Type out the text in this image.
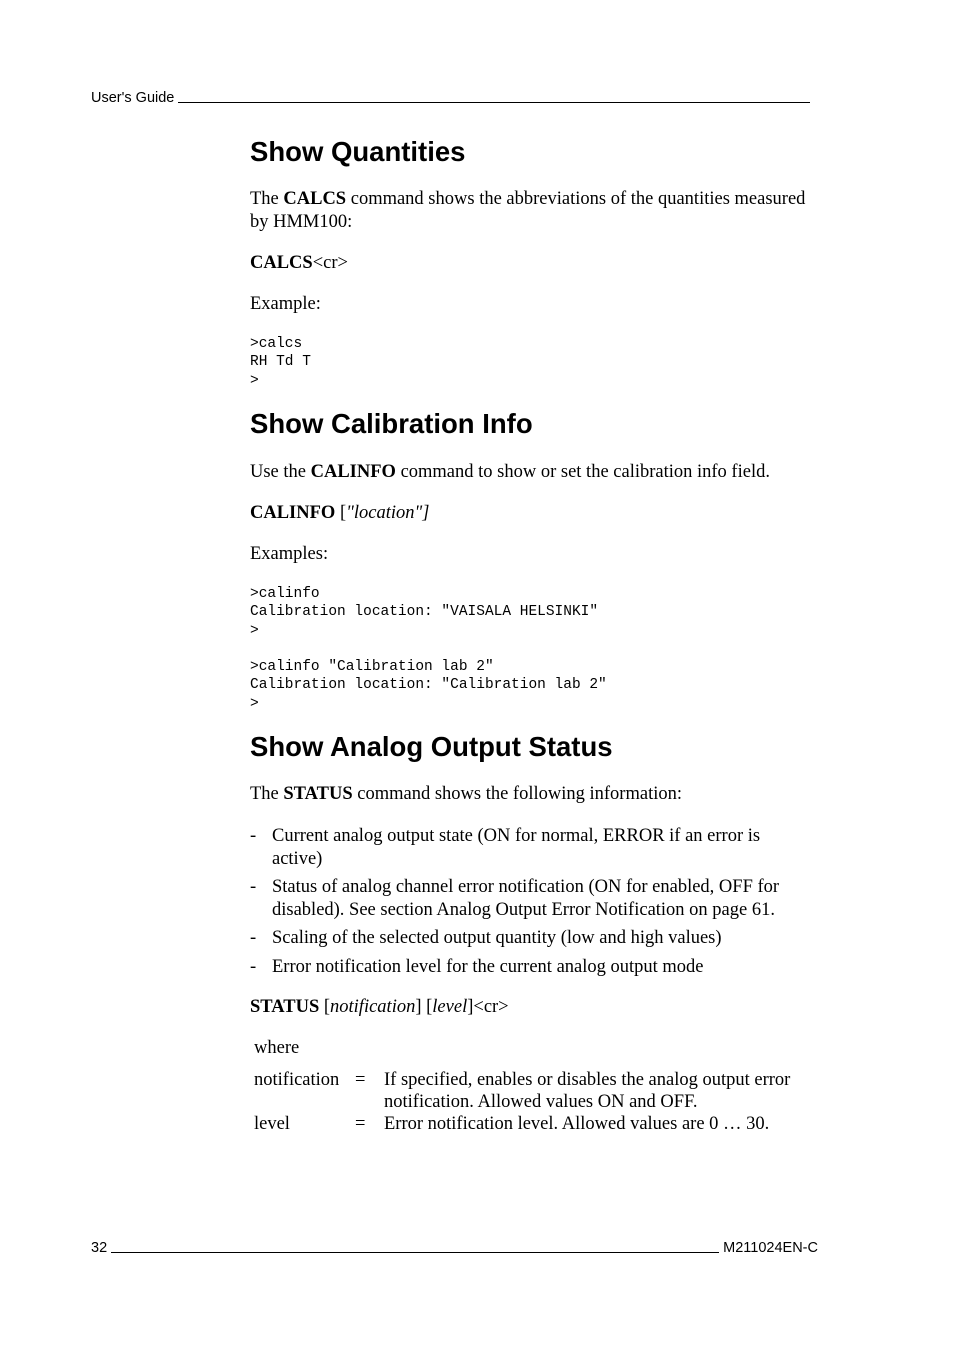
User's Guide
Show Quantities

The CALCS command shows the abbreviations of the quantities measured by HMM100:

CALCS<cr>

Example:

>calcs
RH Td T
>
Show Calibration Info

Use the CALINFO command to show or set the calibration info field.

CALINFO ["location"]

Examples:

>calinfo
Calibration location: "VAISALA HELSINKI"
>
>calinfo "Calibration lab 2"
Calibration location: "Calibration lab 2"
>
Show Analog Output Status

The STATUS command shows the following information:

- Current analog output state (ON for normal, ERROR if an error is active)
- Status of analog channel error notification (ON for enabled, OFF for disabled). See section Analog Output Error Notification on page 61.
- Scaling of the selected output quantity (low and high values)
- Error notification level for the current analog output mode

STATUS [notification] [level]<cr>

where
notification = If specified, enables or disables the analog output error notification. Allowed values ON and OFF.
level	= Error notification level. Allowed values are 0 … 30.
32	M211024EN-C
